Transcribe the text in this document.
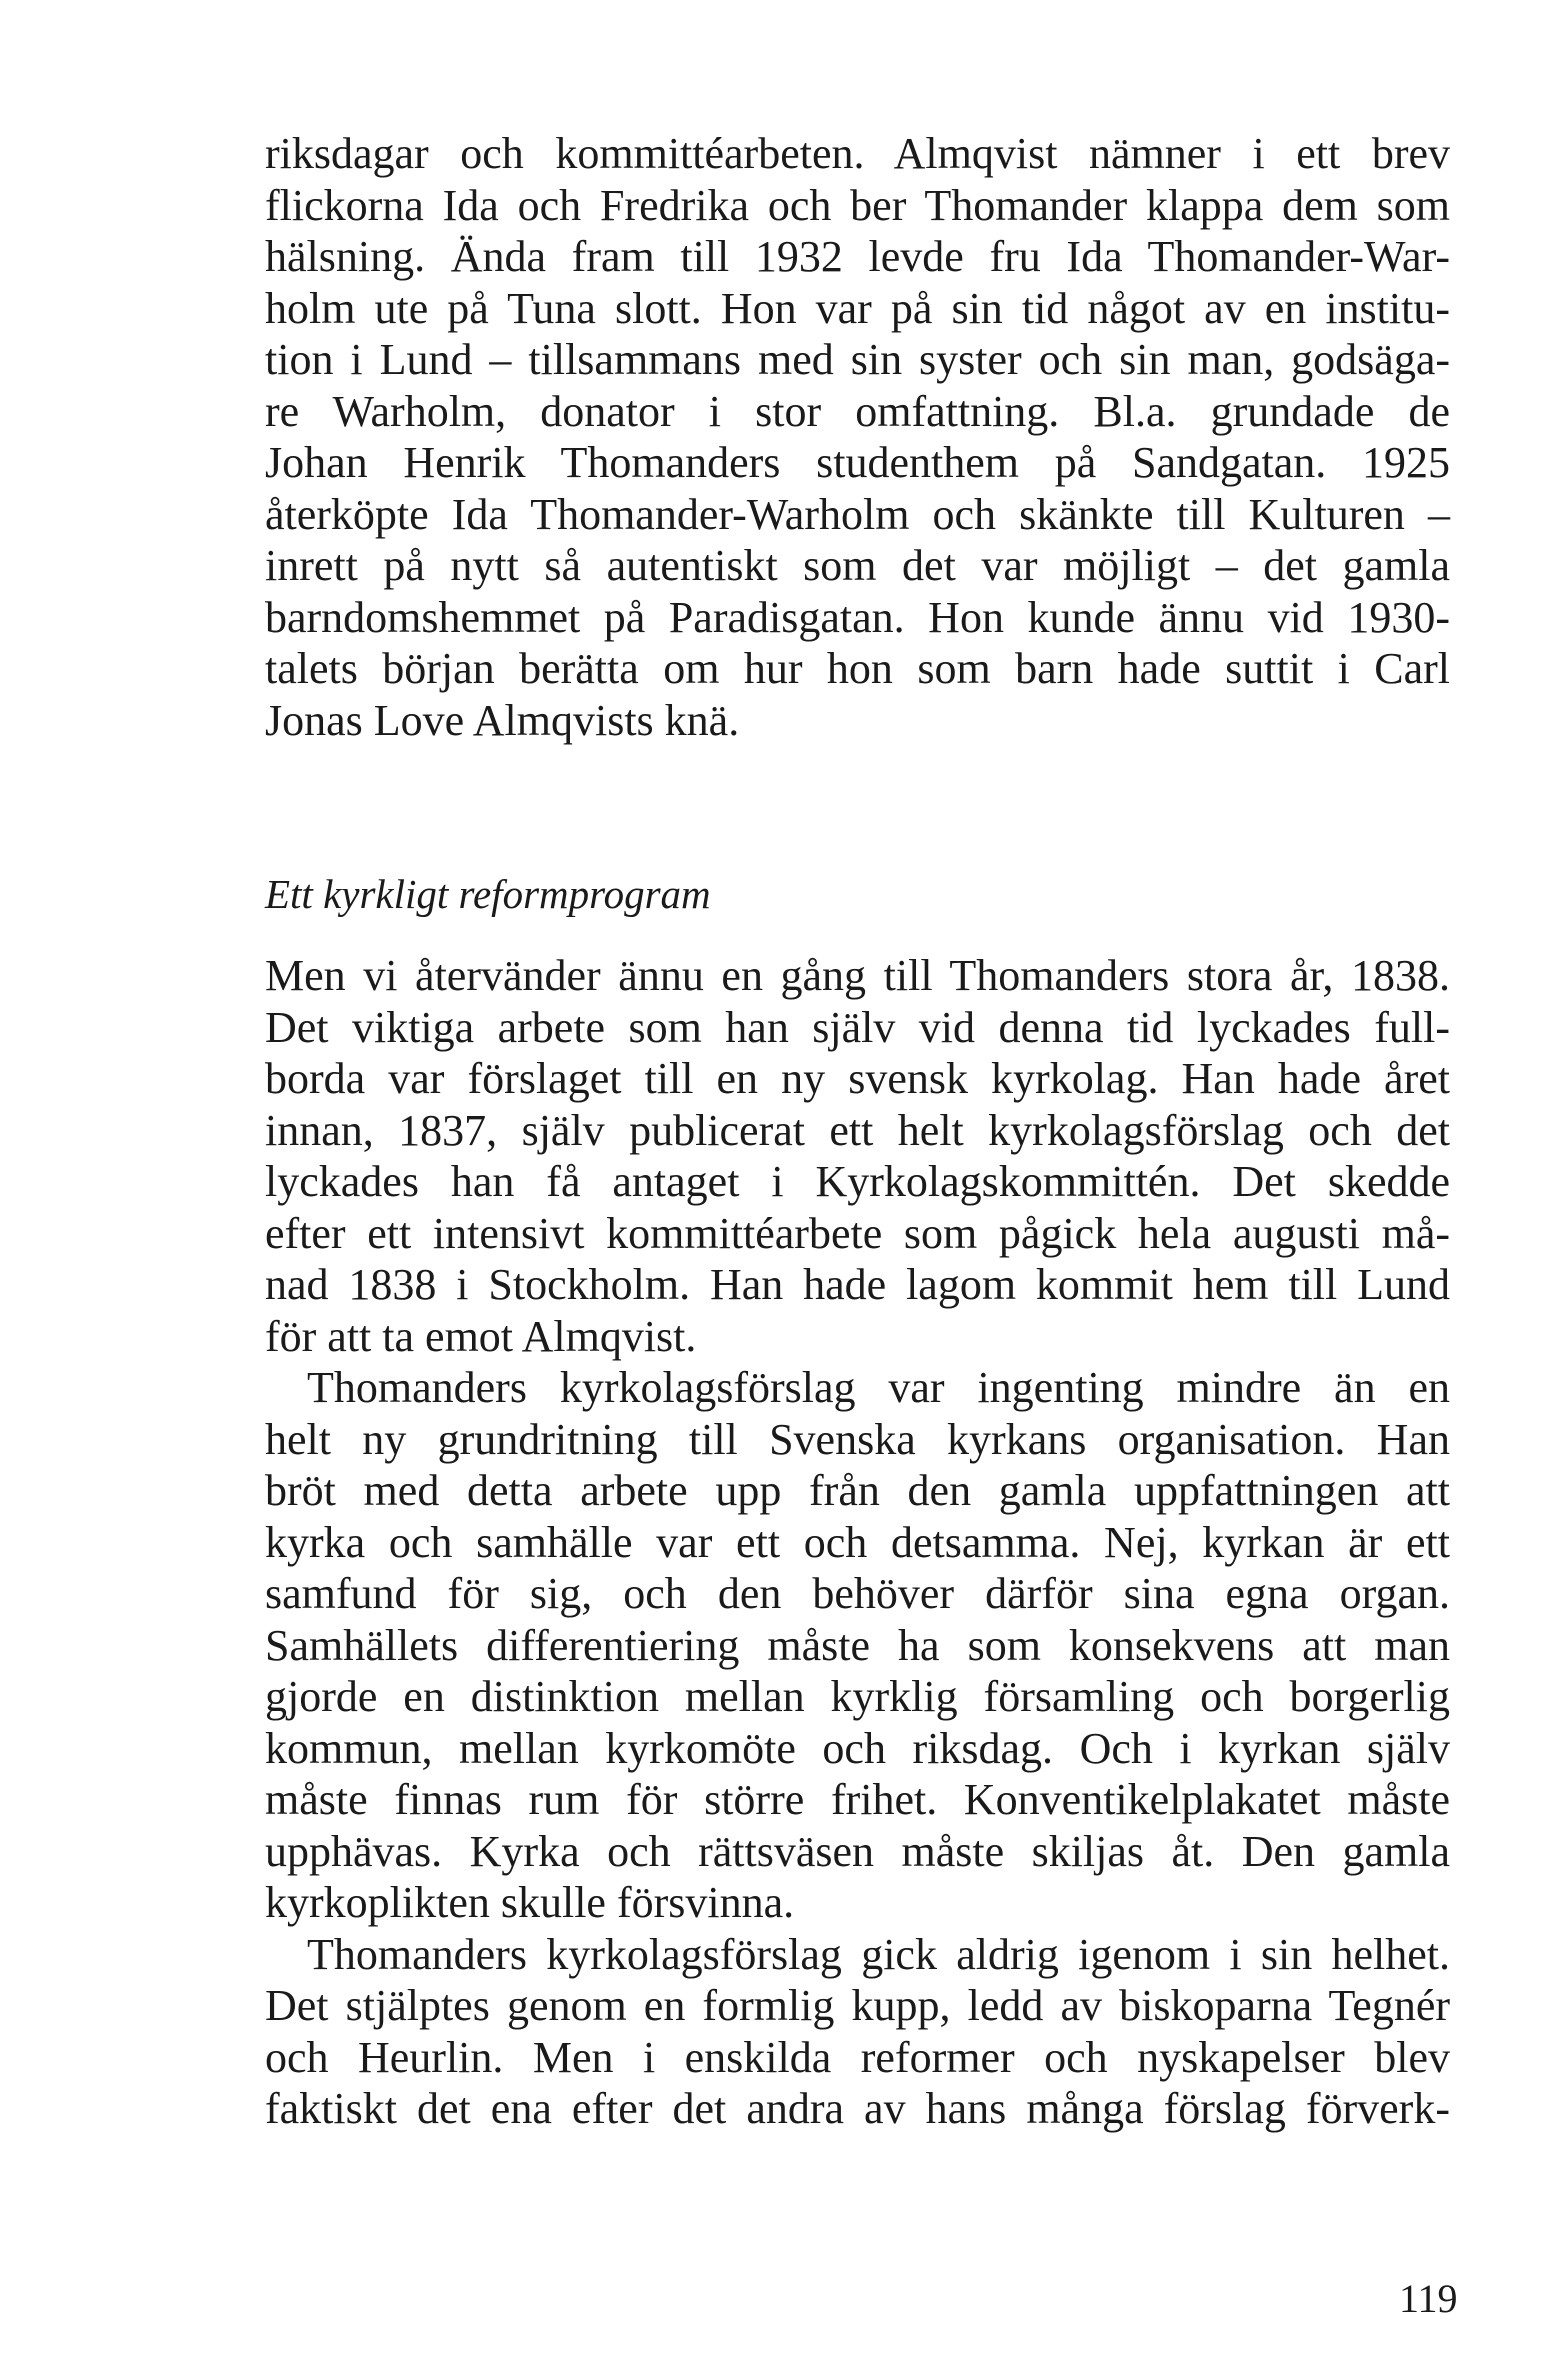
riksdagar och kommittéarbeten. Almqvist nämner i ett brev
flickorna Ida och Fredrika och ber Thomander klappa dem som
hälsning. Ända fram till 1932 levde fru Ida Thomander-War-
holm ute på Tuna slott. Hon var på sin tid något av en institu-
tion i Lund – tillsammans med sin syster och sin man, godsäga-
re Warholm, donator i stor omfattning. Bl.a. grundade de
Johan Henrik Thomanders studenthem på Sandgatan. 1925
återköpte Ida Thomander-Warholm och skänkte till Kulturen –
inrett på nytt så autentiskt som det var möjligt – det gamla
barndomshemmet på Paradisgatan. Hon kunde ännu vid 1930-
talets början berätta om hur hon som barn hade suttit i Carl
Jonas Love Almqvists knä.
Ett kyrkligt reformprogram
Men vi återvänder ännu en gång till Thomanders stora år, 1838.
Det viktiga arbete som han själv vid denna tid lyckades full-
borda var förslaget till en ny svensk kyrkolag. Han hade året
innan, 1837, själv publicerat ett helt kyrkolagsförslag och det
lyckades han få antaget i Kyrkolagskommittén. Det skedde
efter ett intensivt kommittéarbete som pågick hela augusti må-
nad 1838 i Stockholm. Han hade lagom kommit hem till Lund
för att ta emot Almqvist.
Thomanders kyrkolagsförslag var ingenting mindre än en
helt ny grundritning till Svenska kyrkans organisation. Han
bröt med detta arbete upp från den gamla uppfattningen att
kyrka och samhälle var ett och detsamma. Nej, kyrkan är ett
samfund för sig, och den behöver därför sina egna organ.
Samhällets differentiering måste ha som konsekvens att man
gjorde en distinktion mellan kyrklig församling och borgerlig
kommun, mellan kyrkomöte och riksdag. Och i kyrkan själv
måste finnas rum för större frihet. Konventikelplakatet måste
upphävas. Kyrka och rättsväsen måste skiljas åt. Den gamla
kyrkoplikten skulle försvinna.
Thomanders kyrkolagsförslag gick aldrig igenom i sin helhet.
Det stjälptes genom en formlig kupp, ledd av biskoparna Tegnér
och Heurlin. Men i enskilda reformer och nyskapelser blev
faktiskt det ena efter det andra av hans många förslag förverk-
119
